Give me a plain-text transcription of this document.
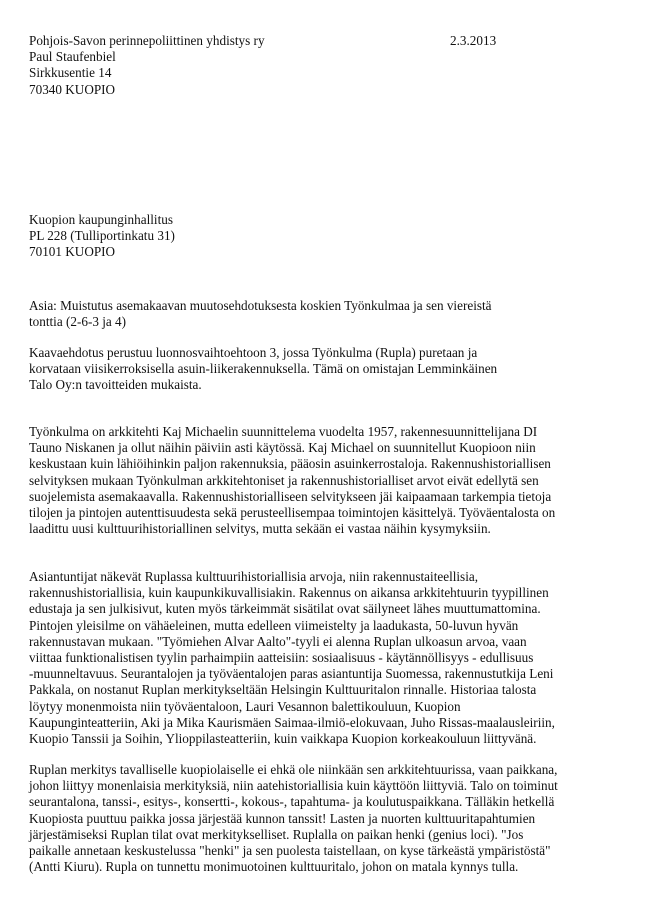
2.3.2013
Pohjois-Savon perinnepoliittinen yhdistys ry
Paul Staufenbiel
Sirkkusentie 14
70340 KUOPIO
Kuopion kaupunginhallitus
PL 228 (Tulliportinkatu 31)
70101 KUOPIO
Asia: Muistutus asemakaavan muutosehdotuksesta koskien Työnkulmaa ja sen viereistä
tonttia (2-6-3 ja 4)
Kaavaehdotus perustuu luonnosvaihtoehtoon 3, jossa Työnkulma (Rupla) puretaan ja
korvataan viisikerroksisella asuin-liikerakennuksella. Tämä on omistajan Lemminkäinen
Talo Oy:n tavoitteiden mukaista.
Työnkulma on arkkitehti Kaj Michaelin suunnittelema vuodelta 1957, rakennesuunnittelijana DI
Tauno Niskanen ja ollut näihin päiviin asti käytössä. Kaj Michael on suunnitellut Kuopioon niin
keskustaan kuin lähiöihinkin paljon rakennuksia, pääosin asuinkerrostaloja. Rakennushistoriallisen
selvityksen mukaan Työnkulman arkkitehtoniset ja rakennushistorialliset arvot eivät edellytä sen
suojelemista asemakaavalla. Rakennushistorialliseen selvitykseen jäi kaipaamaan tarkempia tietoja
tilojen ja pintojen autenttisuudesta sekä perusteellisempaa toimintojen käsittelyä. Työväentalosta on
laadittu uusi kulttuurihistoriallinen selvitys, mutta sekään ei vastaa näihin kysymyksiin.
Asiantuntijat näkevät Ruplassa kulttuurihistoriallisia arvoja, niin rakennustaiteellisia,
rakennushistoriallisia, kuin kaupunkikuvallisiakin. Rakennus on aikansa arkkitehtuurin tyypillinen
edustaja ja sen julkisivut, kuten myös tärkeimmät sisätilat ovat säilyneet lähes muuttumattomina.
Pintojen yleisilme on vähäeleinen, mutta edelleen viimeistelty ja laadukasta, 50-luvun hyvän
rakennustavan mukaan. "Työmiehen Alvar Aalto"-tyyli ei alenna Ruplan ulkoasun arvoa, vaan
viittaa funktionalistisen tyylin parhaimpiin aatteisiin: sosiaalisuus - käytännöllisyys - edullisuus
-muunneltavuus. Seurantalojen ja työväentalojen paras asiantuntija Suomessa, rakennustutkija Leni
Pakkala, on nostanut Ruplan merkitykseltään Helsingin Kulttuuritalon rinnalle. Historiaa talosta
löytyy monenmoista niin työväentaloon, Lauri Vesannon balettikouluun, Kuopion
Kaupunginteatteriin, Aki ja Mika Kaurismäen Saimaa-ilmiö-elokuvaan, Juho Rissas-maalausleiriin,
Kuopio Tanssii ja Soihin, Ylioppilasteatteriin, kuin vaikkapa Kuopion korkeakouluun liittyvänä.
Ruplan merkitys tavalliselle kuopiolaiselle ei ehkä ole niinkään sen arkkitehtuurissa, vaan paikkana,
johon liittyy monenlaisia merkityksiä, niin aatehistoriallisia kuin käyttöön liittyviä. Talo on toiminut
seurantalona, tanssi-, esitys-, konsertti-, kokous-, tapahtuma- ja koulutuspaikkana. Tälläkin hetkellä
Kuopiosta puuttuu paikka jossa järjestää kunnon tanssit! Lasten ja nuorten kulttuuritapahtumien
järjestämiseksi Ruplan tilat ovat merkitykselliset. Ruplalla on paikan henki (genius loci). "Jos
paikalle annetaan keskustelussa "henki" ja sen puolesta taistellaan, on kyse tärkeästä ympäristöstä"
(Antti Kiuru). Rupla on tunnettu monimuotoinen kulttuuritalo, johon on matala kynnys tulla.
